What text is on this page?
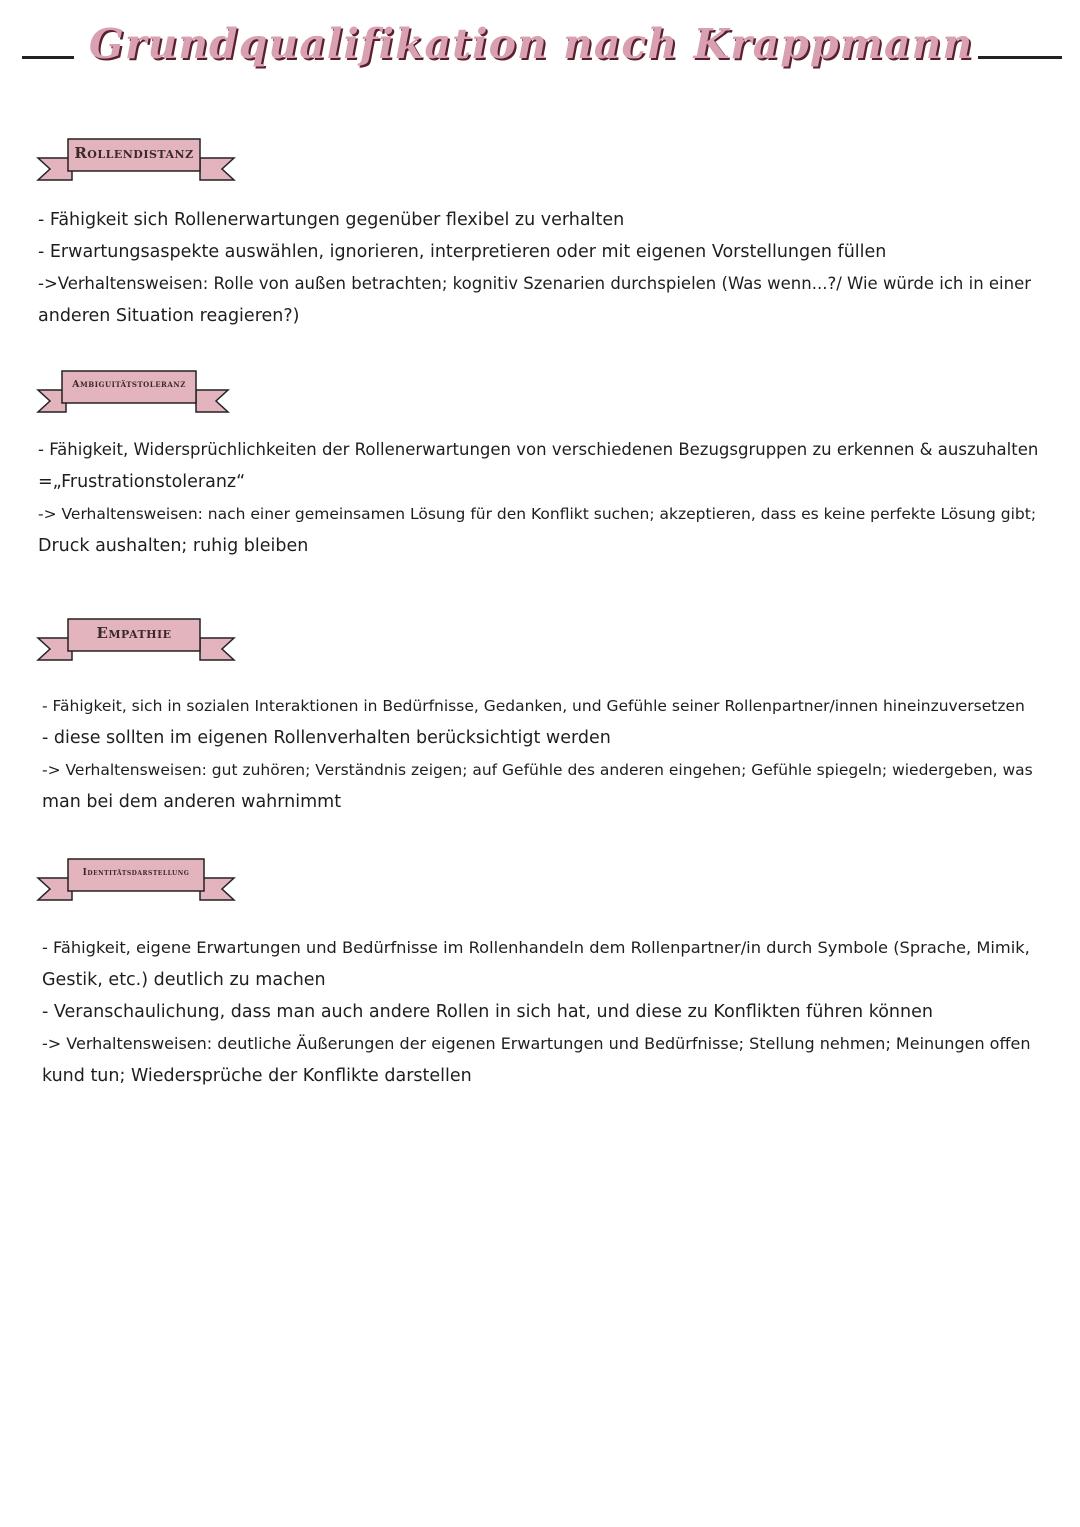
Grundqualifikation nach Krappmann
Rollendistanz
- Fähigkeit sich Rollenerwartungen gegenüber flexibel zu verhalten
- Erwartungsaspekte auswählen, ignorieren, interpretieren oder mit eigenen Vorstellungen füllen
->Verhaltensweisen: Rolle von außen betrachten; kognitiv Szenarien durchspielen (Was wenn...?/ Wie würde ich in einer
anderen Situation reagieren?)
Ambiguitätstoleranz
- Fähigkeit, Widersprüchlichkeiten der Rollenerwartungen von verschiedenen Bezugsgruppen zu erkennen & auszuhalten
=„Frustrationstoleranz“
-> Verhaltensweisen: nach einer gemeinsamen Lösung für den Konflikt suchen; akzeptieren, dass es keine perfekte Lösung gibt;
Druck aushalten; ruhig bleiben
Empathie
- Fähigkeit, sich in sozialen Interaktionen in Bedürfnisse, Gedanken, und Gefühle seiner Rollenpartner/innen hineinzuversetzen
- diese sollten im eigenen Rollenverhalten berücksichtigt werden
-> Verhaltensweisen: gut zuhören; Verständnis zeigen; auf Gefühle des anderen eingehen; Gefühle spiegeln; wiedergeben, was
man bei dem anderen wahrnimmt
Identitätsdarstellung
- Fähigkeit, eigene Erwartungen und Bedürfnisse im Rollenhandeln dem Rollenpartner/in durch Symbole (Sprache, Mimik,
Gestik, etc.) deutlich zu machen
- Veranschaulichung, dass man auch andere Rollen in sich hat, und diese zu Konflikten führen können
-> Verhaltensweisen: deutliche Äußerungen der eigenen Erwartungen und Bedürfnisse; Stellung nehmen; Meinungen offen
kund tun; Wiedersprüche der Konflikte darstellen
